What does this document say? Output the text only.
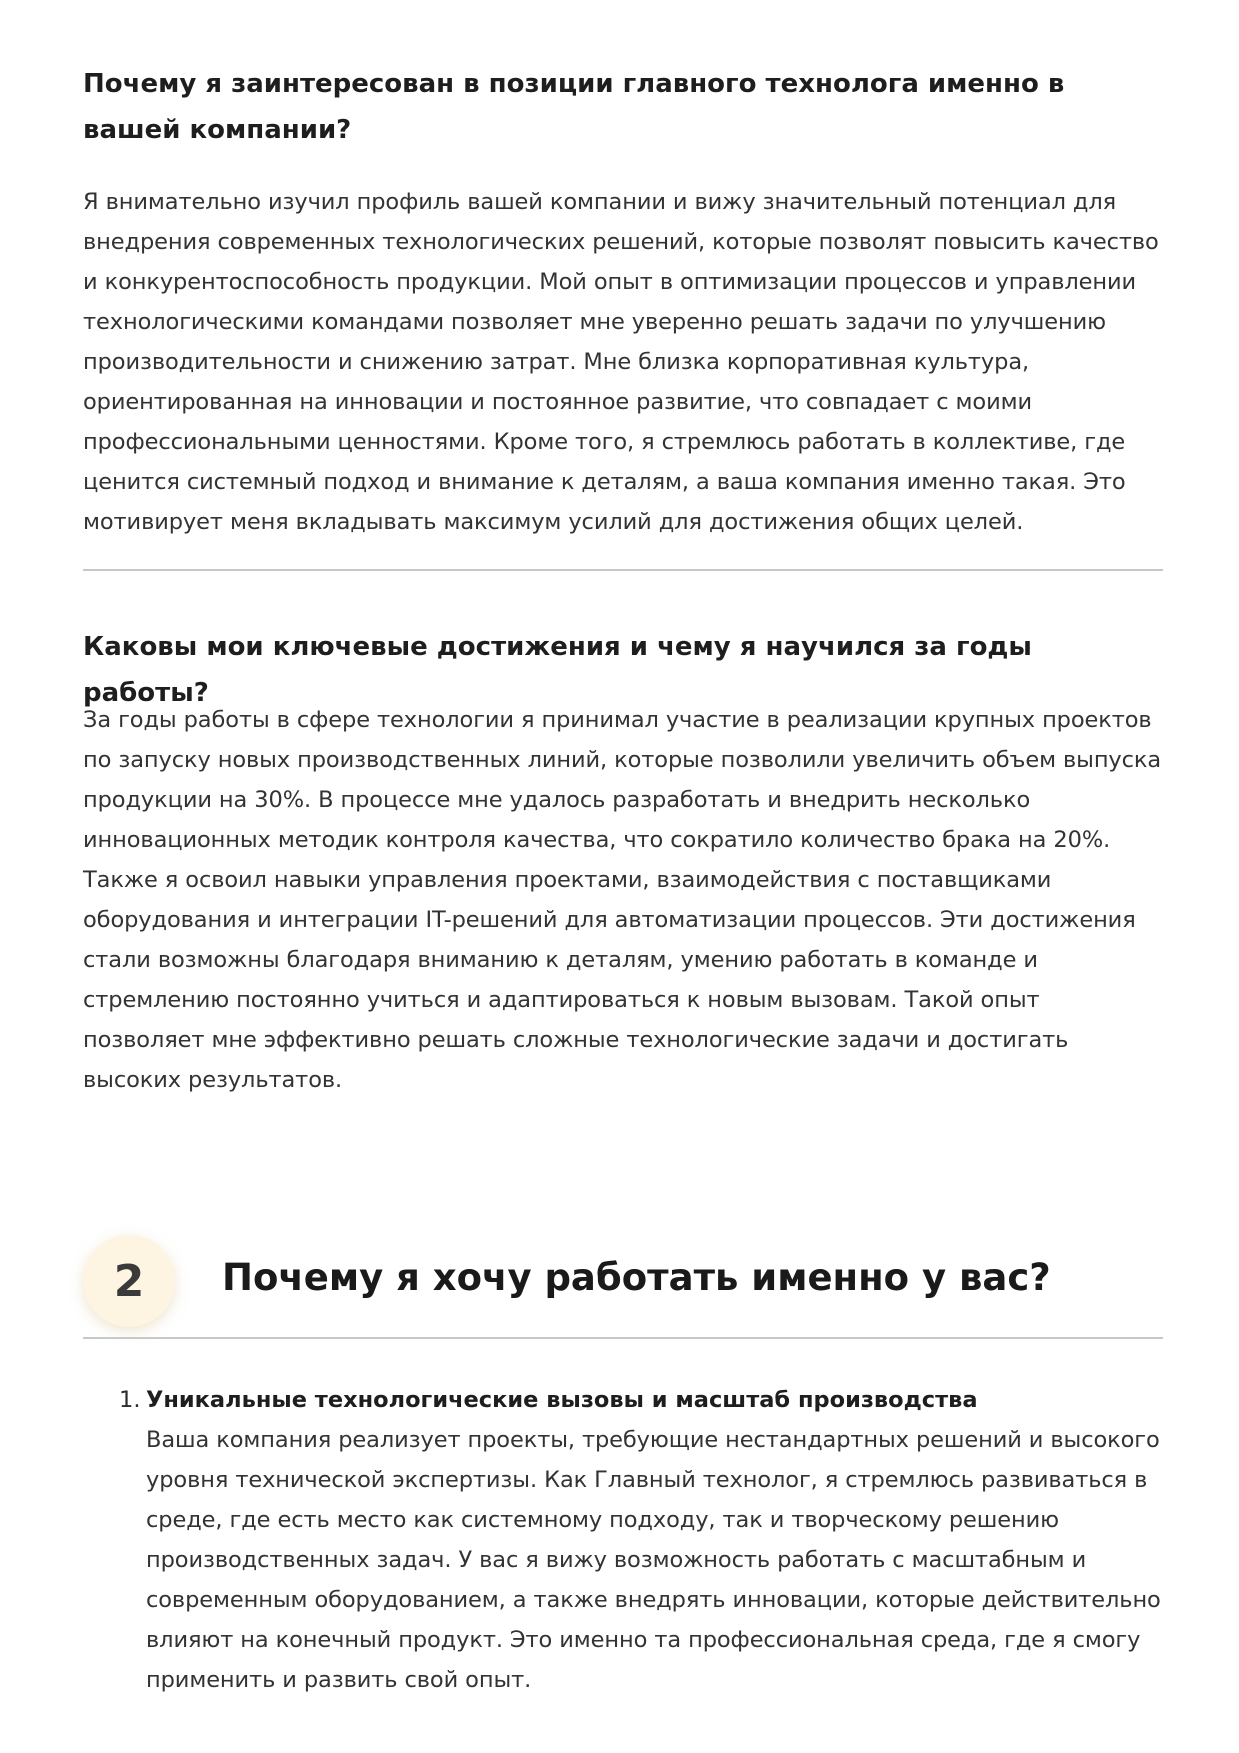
Почему я заинтересован в позиции главного технолога именно в вашей компании?

Я внимательно изучил профиль вашей компании и вижу значительный потенциал для внедрения современных технологических решений, которые позволят повысить качество и конкурентоспособность продукции. Мой опыт в оптимизации процессов и управлении технологическими командами позволяет мне уверенно решать задачи по улучшению производительности и снижению затрат. Мне близка корпоративная культура, ориентированная на инновации и постоянное развитие, что совпадает с моими профессиональными ценностями. Кроме того, я стремлюсь работать в коллективе, где ценится системный подход и внимание к деталям, а ваша компания именно такая. Это мотивирует меня вкладывать максимум усилий для достижения общих целей.

Каковы мои ключевые достижения и чему я научился за годы работы?

За годы работы в сфере технологии я принимал участие в реализации крупных проектов по запуску новых производственных линий, которые позволили увеличить объем выпуска продукции на 30%. В процессе мне удалось разработать и внедрить несколько инновационных методик контроля качества, что сократило количество брака на 20%. Также я освоил навыки управления проектами, взаимодействия с поставщиками оборудования и интеграции IT-решений для автоматизации процессов. Эти достижения стали возможны благодаря вниманию к деталям, умению работать в команде и стремлению постоянно учиться и адаптироваться к новым вызовам. Такой опыт позволяет мне эффективно решать сложные технологические задачи и достигать высоких результатов.

2	Почему я хочу работать именно у вас?
1. Уникальные технологические вызовы и масштаб производства

Ваша компания реализует проекты, требующие нестандартных решений и высокого уровня технической экспертизы. Как Главный технолог, я стремлюсь развиваться в среде, где есть место как системному подходу, так и творческому решению производственных задач. У вас я вижу возможность работать с масштабным и современным оборудованием, а также внедрять инновации, которые действительно влияют на конечный продукт. Это именно та профессиональная среда, где я смогу применить и развить свой опыт.
